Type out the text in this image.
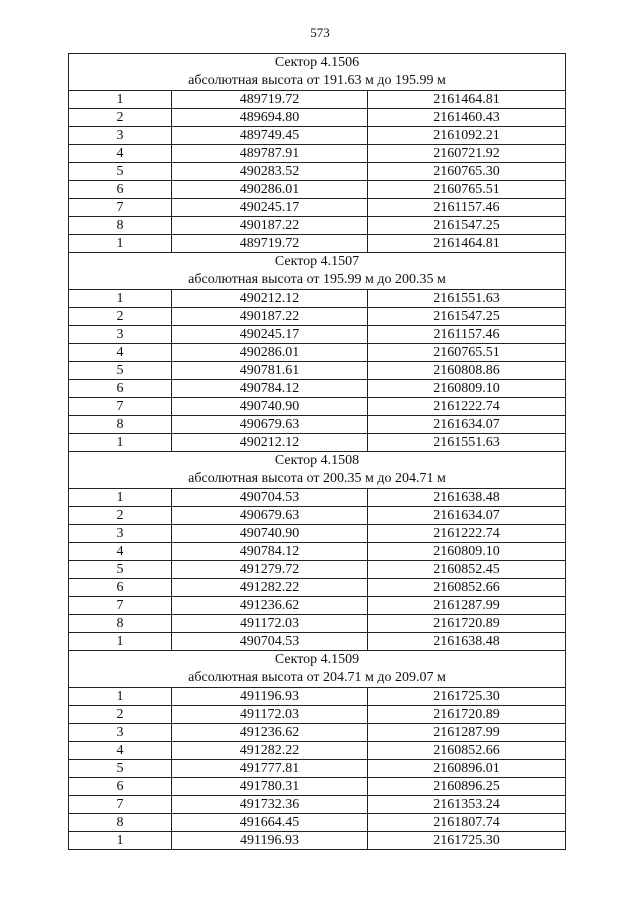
573
Сектор 4.1506		
абсолютная высота от 191.63 м до 195.99 м		
1	489719.72	2161464.81
2	489694.80	2161460.43
3	489749.45	2161092.21
4	489787.91	2160721.92
5	490283.52	2160765.30
6	490286.01	2160765.51
7	490245.17	2161157.46
8	490187.22	2161547.25
1	489719.72	2161464.81
Сектор 4.1507		
абсолютная высота от 195.99 м до 200.35 м		
1	490212.12	2161551.63
2	490187.22	2161547.25
3	490245.17	2161157.46
4	490286.01	2160765.51
5	490781.61	2160808.86
6	490784.12	2160809.10
7	490740.90	2161222.74
8	490679.63	2161634.07
1	490212.12	2161551.63
Сектор 4.1508		
абсолютная высота от 200.35 м до 204.71 м		
1	490704.53	2161638.48
2	490679.63	2161634.07
3	490740.90	2161222.74
4	490784.12	2160809.10
5	491279.72	2160852.45
6	491282.22	2160852.66
7	491236.62	2161287.99
8	491172.03	2161720.89
1	490704.53	2161638.48
Сектор 4.1509		
абсолютная высота от 204.71 м до 209.07 м		
1	491196.93	2161725.30
2	491172.03	2161720.89
3	491236.62	2161287.99
4	491282.22	2160852.66
5	491777.81	2160896.01
6	491780.31	2160896.25
7	491732.36	2161353.24
8	491664.45	2161807.74
1	491196.93	2161725.30
